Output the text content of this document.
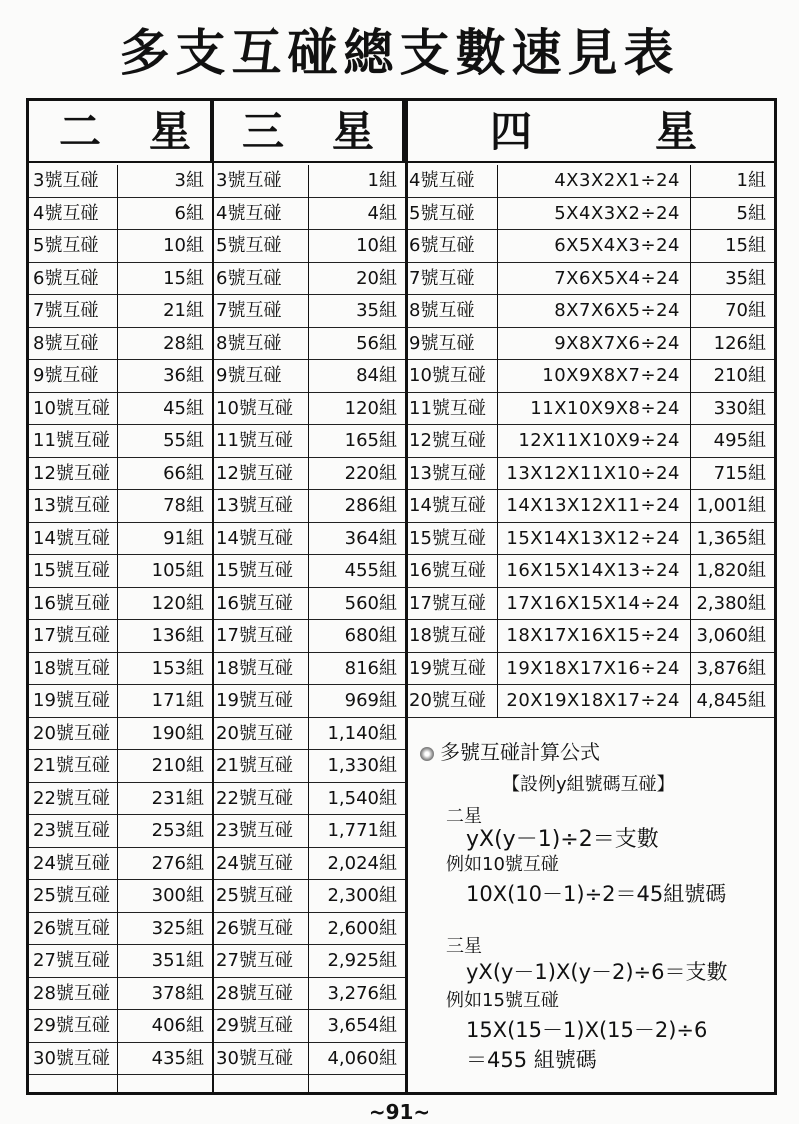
多支互碰總支數速見表
二 星 三 星	四	星
3號互碰	3組
4號互碰	6組
5號互碰	10組
6號互碰	15組
7號互碰	21組
8號互碰	28組
9號互碰	36組
10號互碰	45組
11號互碰	55組
12號互碰	66組
13號互碰	78組
14號互碰	91組
15號互碰	105組
16號互碰	120組
17號互碰	136組
18號互碰	153組
19號互碰	171組
20號互碰	190組
21號互碰	210組
22號互碰	231組
23號互碰	253組
24號互碰	276組
25號互碰	300組
26號互碰	325組
27號互碰	351組
28號互碰	378組
29號互碰	406組
30號互碰	435組
3號互碰	1組
4號互碰	4組
5號互碰	10組
6號互碰	20組
7號互碰	35組
8號互碰	56組
9號互碰	84組
10號互碰	120組
11號互碰	165組
12號互碰	220組
13號互碰	286組
14號互碰	364組
15號互碰	455組
16號互碰	560組
17號互碰	680組
18號互碰	816組
19號互碰	969組
20號互碰	1,140組
21號互碰	1,330組
22號互碰	1,540組
23號互碰	1,771組
24號互碰	2,024組
25號互碰	2,300組
26號互碰	2,600組
27號互碰	2,925組
28號互碰	3,276組
29號互碰	3,654組
30號互碰	4,060組
4號互碰	4X3X2X1÷24	1組
5號互碰	5X4X3X2÷24	5組
6號互碰	6X5X4X3÷24	15組
7號互碰	7X6X5X4÷24	35組
8號互碰	8X7X6X5÷24	70組
9號互碰	9X8X7X6÷24	126組
10號互碰	10X9X8X7÷24	210組
11號互碰	11X10X9X8÷24	330組
12號互碰	12X11X10X9÷24	495組
13號互碰	13X12X11X10÷24	715組
14號互碰	14X13X12X11÷24 1,001組
15號互碰	15X14X13X12÷24 1,365組
16號互碰	16X15X14X13÷24 1,820組
17號互碰	17X16X15X14÷24 2,380組
18號互碰	18X17X16X15÷24 3,060組
19號互碰	19X18X17X16÷24 3,876組
20號互碰	20X19X18X17÷24 4,845組
多號互碰計算公式
【設例y組號碼互碰】
二星
yX(y－1)÷2＝支數
例如10號互碰
10X(10－1)÷2＝45組號碼
三星
yX(y－1)X(y－2)÷6＝支數
例如15號互碰
15X(15－1)X(15－2)÷6
＝455 組號碼
~91~
